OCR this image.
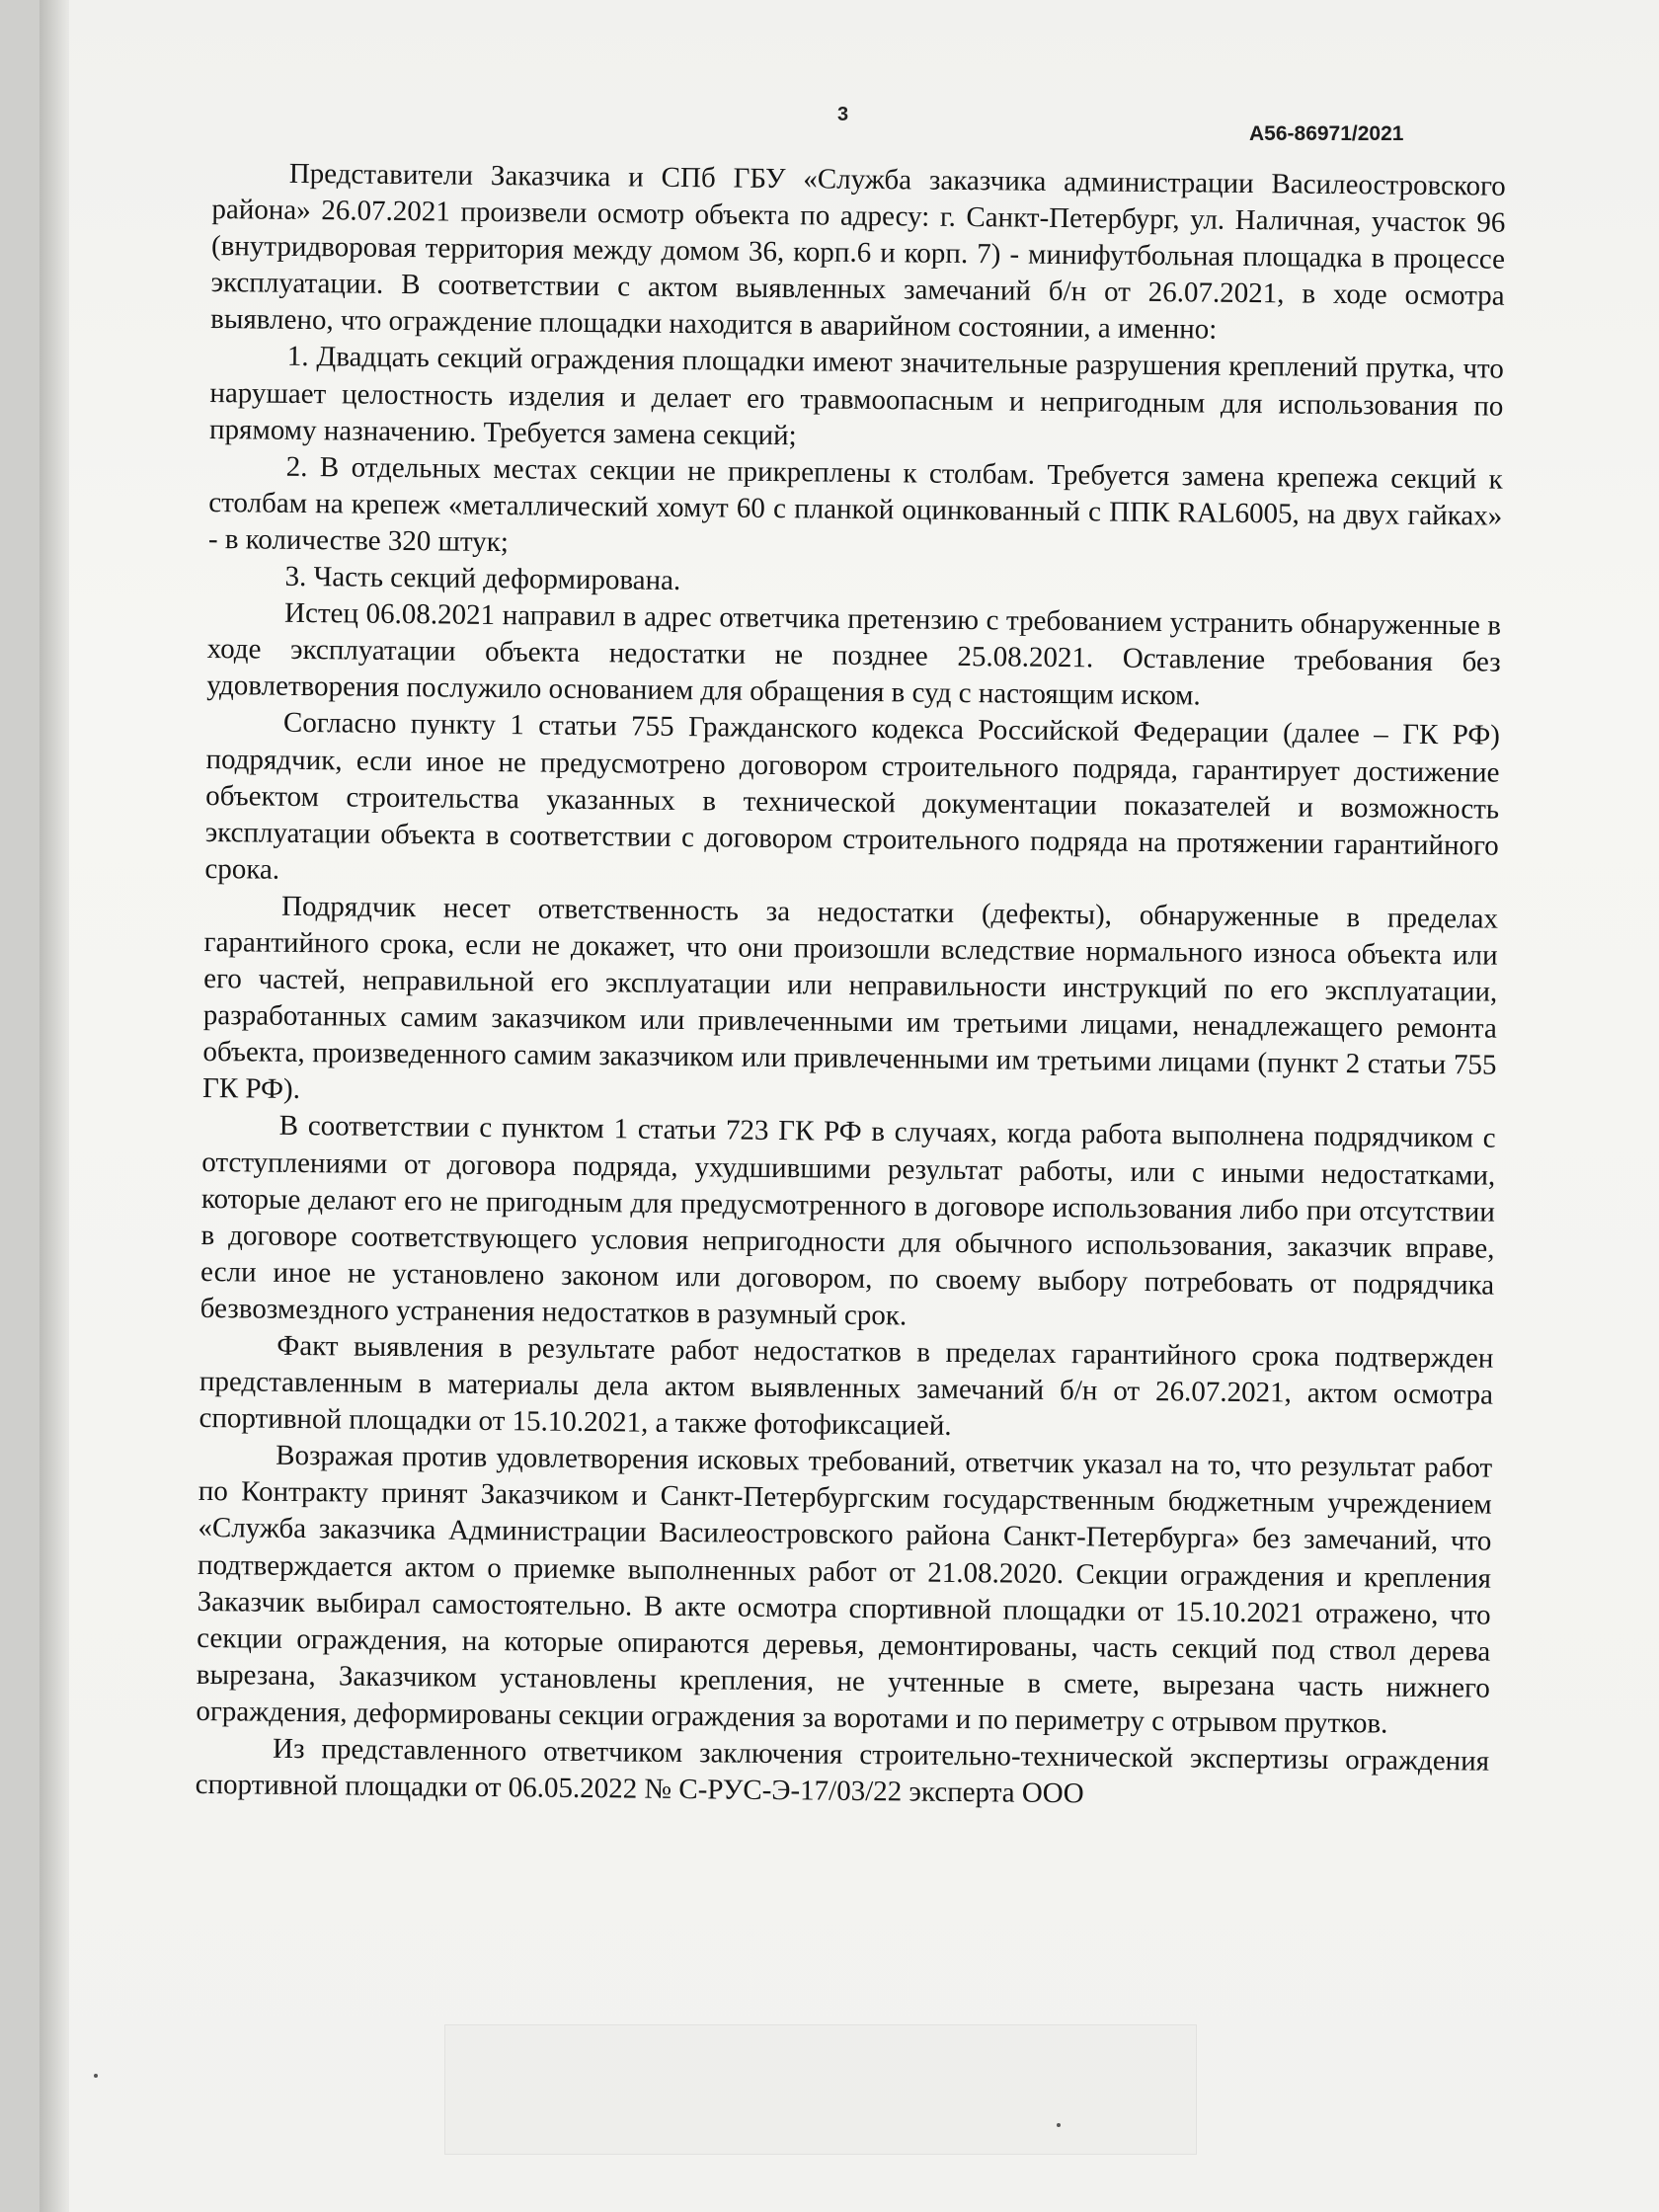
3
А56-86971/2021

Представители Заказчика и СПб ГБУ «Служба заказчика администрации Василеостровского района» 26.07.2021 произвели осмотр объекта по адресу: г. Санкт-Петербург, ул. Наличная, участок 96 (внутридворовая территория между домом 36, корп.6 и корп. 7) - минифутбольная площадка в процессе эксплуатации. В соответствии с актом выявленных замечаний б/н от 26.07.2021, в ходе осмотра выявлено, что ограждение площадки находится в аварийном состоянии, а именно:

1. Двадцать секций ограждения площадки имеют значительные разрушения креплений прутка, что нарушает целостность изделия и делает его травмоопасным и непригодным для использования по прямому назначению. Требуется замена секций;

2. В отдельных местах секции не прикреплены к столбам. Требуется замена крепежа секций к столбам на крепеж «металлический хомут 60 с планкой оцинкованный с ППК RAL6005, на двух гайках» - в количестве 320 штук;

3. Часть секций деформирована.

Истец 06.08.2021 направил в адрес ответчика претензию с требованием устранить обнаруженные в ходе эксплуатации объекта недостатки не позднее 25.08.2021. Оставление требования без удовлетворения послужило основанием для обращения в суд с настоящим иском.

Согласно пункту 1 статьи 755 Гражданского кодекса Российской Федерации (далее – ГК РФ) подрядчик, если иное не предусмотрено договором строительного подряда, гарантирует достижение объектом строительства указанных в технической документации показателей и возможность эксплуатации объекта в соответствии с договором строительного подряда на протяжении гарантийного срока.

Подрядчик несет ответственность за недостатки (дефекты), обнаруженные в пределах гарантийного срока, если не докажет, что они произошли вследствие нормального износа объекта или его частей, неправильной его эксплуатации или неправильности инструкций по его эксплуатации, разработанных самим заказчиком или привлеченными им третьими лицами, ненадлежащего ремонта объекта, произведенного самим заказчиком или привлеченными им третьими лицами (пункт 2 статьи 755 ГК РФ).

В соответствии с пунктом 1 статьи 723 ГК РФ в случаях, когда работа выполнена подрядчиком с отступлениями от договора подряда, ухудшившими результат работы, или с иными недостатками, которые делают его не пригодным для предусмотренного в договоре использования либо при отсутствии в договоре соответствующего условия непригодности для обычного использования, заказчик вправе, если иное не установлено законом или договором, по своему выбору потребовать от подрядчика безвозмездного устранения недостатков в разумный срок.

Факт выявления в результате работ недостатков в пределах гарантийного срока подтвержден представленным в материалы дела актом выявленных замечаний б/н от 26.07.2021, актом осмотра спортивной площадки от 15.10.2021, а также фотофиксацией.

Возражая против удовлетворения исковых требований, ответчик указал на то, что результат работ по Контракту принят Заказчиком и Санкт-Петербургским государственным бюджетным учреждением «Служба заказчика Администрации Василеостровского района Санкт-Петербурга» без замечаний, что подтверждается актом о приемке выполненных работ от 21.08.2020. Секции ограждения и крепления Заказчик выбирал самостоятельно. В акте осмотра спортивной площадки от 15.10.2021 отражено, что секции ограждения, на которые опираются деревья, демонтированы, часть секций под ствол дерева вырезана, Заказчиком установлены крепления, не учтенные в смете, вырезана часть нижнего ограждения, деформированы секции ограждения за воротами и по периметру с отрывом прутков.

Из представленного ответчиком заключения строительно-технической экспертизы ограждения спортивной площадки от 06.05.2022 № С-РУС-Э-17/03/22 эксперта ООО
